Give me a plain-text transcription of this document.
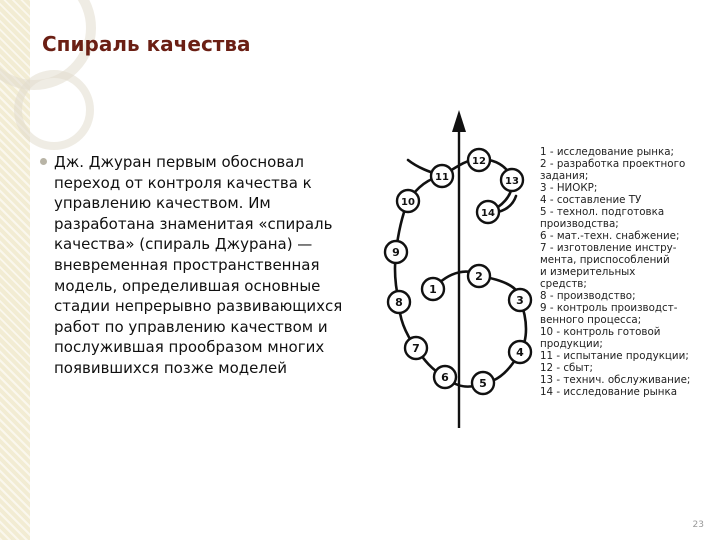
Спираль качества
Дж. Джуран первым обосновал переход от контроля качества к управлению качеством. Им разработана знаменитая «спираль качества» (спираль Джурана) — вневременная пространственная модель, определившая основные стадии непрерывно развивающихся работ по управлению качеством и послужившая прообразом многих появившихся позже моделей
1
2
3
4
5
6
7
8
9
10
11
12
13
14
1 - исследование рынка;
2 - разработка проектного
задания;
3 - НИОКР;
4 - составление ТУ
5 - технол. подготовка
производства;
6 - мат.-техн. снабжение;
7 - изготовление инстру-
мента, приспособлений
и измерительных
средств;
8 - производство;
9 - контроль производст-
венного процесса;
10 - контроль готовой
продукции;
11 - испытание продукции;
12 - сбыт;
13 - технич. обслуживание;
14 - исследование рынка
23
